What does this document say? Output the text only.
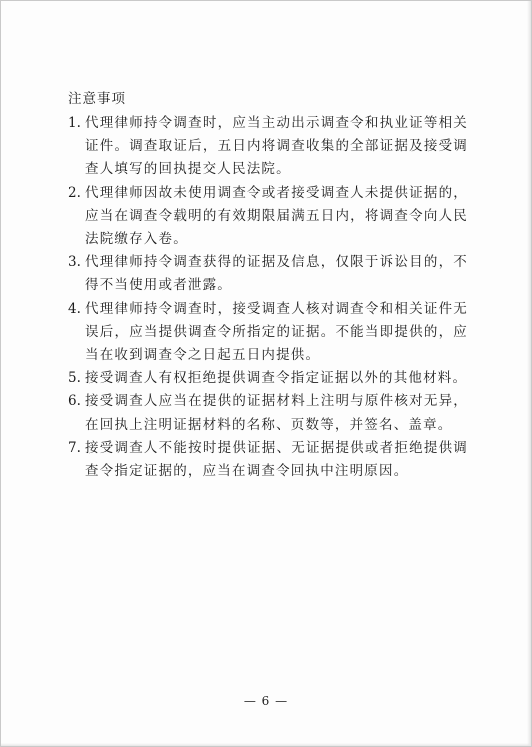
注意事项
1. 代理律师持令调查时，应当主动出示调查令和执业证等相关证件。调查取证后，五日内将调查收集的全部证据及接受调查人填写的回执提交人民法院。
2. 代理律师因故未使用调查令或者接受调查人未提供证据的，应当在调查令载明的有效期限届满五日内，将调查令向人民法院缴存入卷。
3. 代理律师持令调查获得的证据及信息，仅限于诉讼目的，不得不当使用或者泄露。
4. 代理律师持令调查时，接受调查人核对调查令和相关证件无误后，应当提供调查令所指定的证据。不能当即提供的，应当在收到调查令之日起五日内提供。
5. 接受调查人有权拒绝提供调查令指定证据以外的其他材料。
6. 接受调查人应当在提供的证据材料上注明与原件核对无异，在回执上注明证据材料的名称、页数等，并签名、盖章。
7. 接受调查人不能按时提供证据、无证据提供或者拒绝提供调查令指定证据的，应当在调查令回执中注明原因。
— 6 —
